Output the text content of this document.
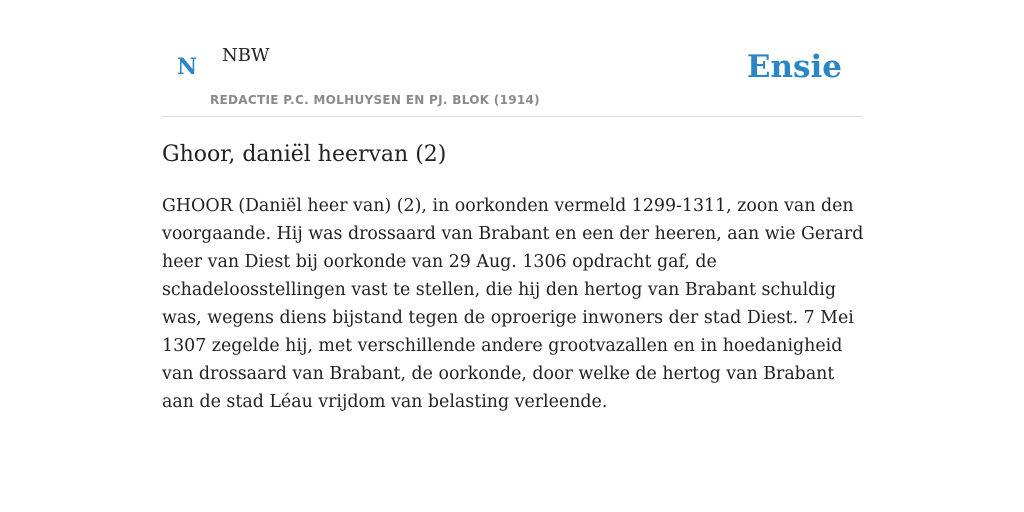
N NBW
REDACTIE P.C. MOLHUYSEN EN PJ. BLOK (1914)
Ensie
Ghoor, daniël heervan (2)

GHOOR (Daniël heer van) (2), in oorkonden vermeld 1299-1311, zoon van den voorgaande. Hij was drossaard van Brabant en een der heeren, aan wie Gerard heer van Diest bij oorkonde van 29 Aug. 1306 opdracht gaf, de schadeloosstellingen vast te stellen, die hij den hertog van Brabant schuldig was, wegens diens bijstand tegen de oproerige inwoners der stad Diest. 7 Mei 1307 zegelde hij, met verschillende andere grootvazallen en in hoedanigheid van drossaard van Brabant, de oorkonde, door welke de hertog van Brabant aan de stad Léau vrijdom van belasting verleende.
